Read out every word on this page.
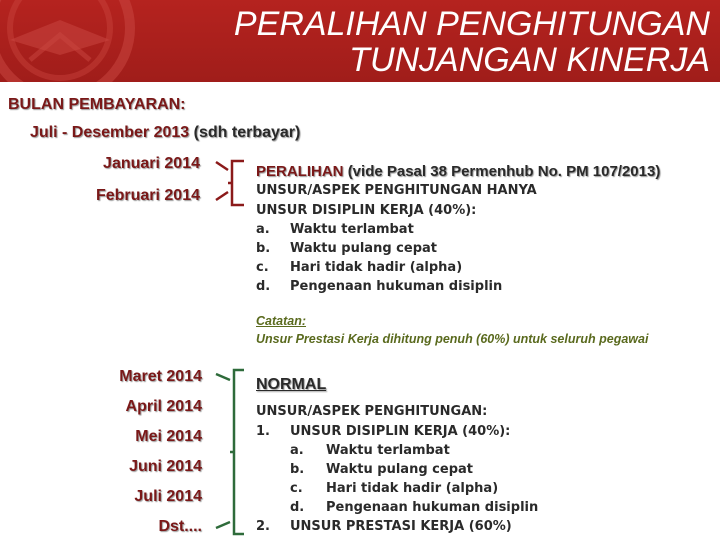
PERALIHAN PENGHITUNGAN
TUNJANGAN KINERJA
BULAN PEMBAYARAN:
Juli - Desember 2013 (sdh terbayar)
Januari 2014
Februari 2014
PERALIHAN (vide Pasal 38 Permenhub No. PM 107/2013)
UNSUR/ASPEK PENGHITUNGAN HANYA
UNSUR DISIPLIN KERJA (40%):
a. Waktu terlambat
b. Waktu pulang cepat
c. Hari tidak hadir (alpha)
d. Pengenaan hukuman disiplin
Catatan:
Unsur Prestasi Kerja dihitung penuh (60%) untuk seluruh pegawai
Maret 2014
April 2014
Mei 2014
Juni 2014
Juli 2014
Dst....
NORMAL
UNSUR/ASPEK PENGHITUNGAN:
1. UNSUR DISIPLIN KERJA (40%):
a. Waktu terlambat
b. Waktu pulang cepat
c. Hari tidak hadir (alpha)
d. Pengenaan hukuman disiplin
2. UNSUR PRESTASI KERJA (60%)
